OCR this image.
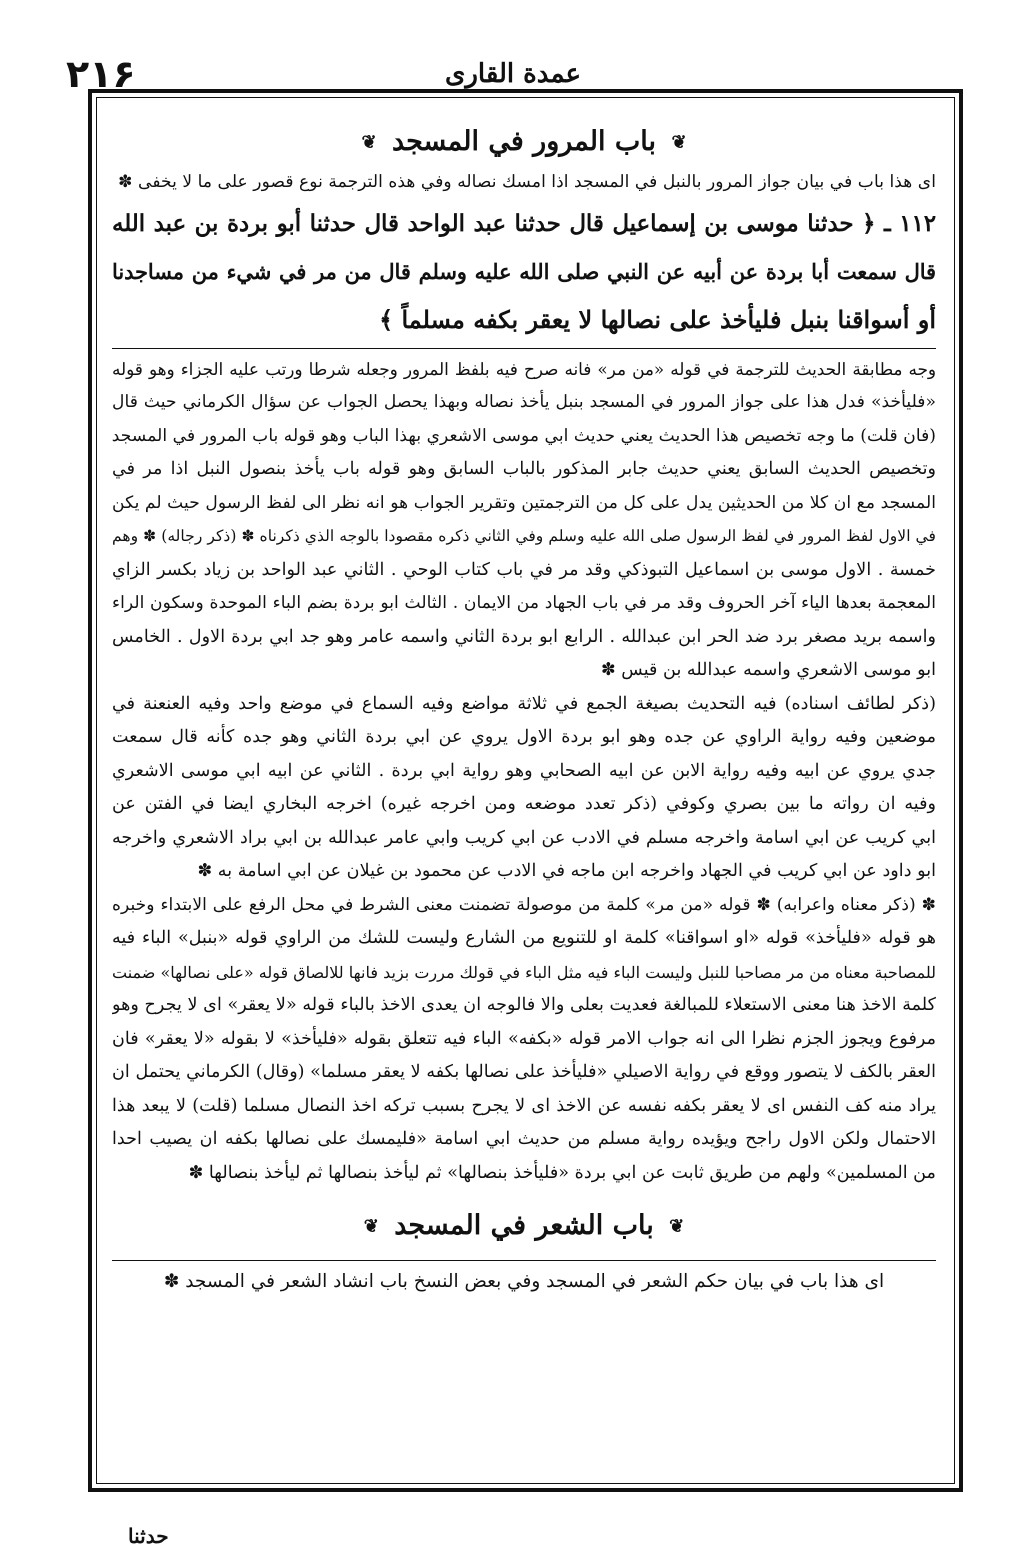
۲۱۶	عمدة القارى
❦ باب المرور في المسجد ❦
اى هذا باب في بيان جواز المرور بالنبل في المسجد اذا امسك نصاله وفي هذه الترجمة نوع قصور على ما لا يخفى ✽
١١٢ ـ ﴿ حدثنا موسى بن إسماعيل قال حدثنا عبد الواحد قال حدثنا أبو بردة بن عبد الله
قال سمعت أبا بردة عن أبيه عن النبي صلى الله عليه وسلم قال من مر في شيء من مساجدنا
أو أسواقنا بنبل فليأخذ على نصالها لا يعقر بكفه مسلماً ﴾
وجه مطابقة الحديث للترجمة في قوله «من مر» فانه صرح فيه بلفظ المرور وجعله شرطا ورتب عليه الجزاء وهو قوله
«فليأخذ» فدل هذا على جواز المرور في المسجد بنبل يأخذ نصاله وبهذا يحصل الجواب عن سؤال الكرماني حيث قال
(فان قلت) ما وجه تخصيص هذا الحديث يعني حديث ابي موسى الاشعري بهذا الباب وهو قوله باب المرور في المسجد
وتخصيص الحديث السابق يعني حديث جابر المذكور بالباب السابق وهو قوله باب يأخذ بنصول النبل اذا مر في
المسجد مع ان كلا من الحديثين يدل على كل من الترجمتين وتقرير الجواب هو انه نظر الى لفظ الرسول حيث لم يكن
في الاول لفظ المرور في لفظ الرسول صلى الله عليه وسلم وفي الثاني ذكره مقصودا بالوجه الذي ذكرناه ✽ (ذكر رجاله) ✽ وهم
خمسة . الاول موسى بن اسماعيل التبوذكي وقد مر في باب كتاب الوحي . الثاني عبد الواحد بن زياد بكسر الزاي
المعجمة بعدها الياء آخر الحروف وقد مر في باب الجهاد من الايمان . الثالث ابو بردة بضم الباء الموحدة وسكون الراء
واسمه بريد مصغر برد ضد الحر ابن عبدالله . الرابع ابو بردة الثاني واسمه عامر وهو جد ابي بردة الاول . الخامس
ابو موسى الاشعري واسمه عبدالله بن قيس ✽
(ذكر لطائف اسناده) فيه التحديث بصيغة الجمع في ثلاثة مواضع وفيه السماع في موضع واحد وفيه العنعنة في
موضعين وفيه رواية الراوي عن جده وهو ابو بردة الاول يروي عن ابي بردة الثاني وهو جده كأنه قال سمعت
جدي يروي عن ابيه وفيه رواية الابن عن ابيه الصحابي وهو رواية ابي بردة . الثاني عن ابيه ابي موسى الاشعري
وفيه ان رواته ما بين بصري وكوفي (ذكر تعدد موضعه ومن اخرجه غيره) اخرجه البخاري ايضا في الفتن عن
ابي كريب عن ابي اسامة واخرجه مسلم في الادب عن ابي كريب وابي عامر عبدالله بن ابي براد الاشعري واخرجه
ابو داود عن ابي كريب في الجهاد واخرجه ابن ماجه في الادب عن محمود بن غيلان عن ابي اسامة به ✽
✽ (ذكر معناه واعرابه) ✽ قوله «من مر» كلمة من موصولة تضمنت معنى الشرط في محل الرفع على الابتداء وخبره
هو قوله «فليأخذ» قوله «او اسواقنا» كلمة او للتنويع من الشارع وليست للشك من الراوي قوله «بنبل» الباء فيه
للمصاحبة معناه من مر مصاحبا للنبل وليست الباء فيه مثل الباء في قولك مررت بزيد فانها للالصاق قوله «على نصالها» ضمنت
كلمة الاخذ هنا معنى الاستعلاء للمبالغة فعديت بعلى والا فالوجه ان يعدى الاخذ بالباء قوله «لا يعقر» اى لا يجرح وهو
مرفوع ويجوز الجزم نظرا الى انه جواب الامر قوله «بكفه» الباء فيه تتعلق بقوله «فليأخذ» لا بقوله «لا يعقر» فان
العقر بالكف لا يتصور ووقع في رواية الاصيلي «فليأخذ على نصالها بكفه لا يعقر مسلما» (وقال) الكرماني يحتمل ان
يراد منه كف النفس اى لا يعقر بكفه نفسه عن الاخذ اى لا يجرح بسبب تركه اخذ النصال مسلما (قلت) لا يبعد هذا
الاحتمال ولكن الاول راجح ويؤيده رواية مسلم من حديث ابي اسامة «فليمسك على نصالها بكفه ان يصيب احدا
من المسلمين» ولهم من طريق ثابت عن ابي بردة «فليأخذ بنصالها» ثم ليأخذ بنصالها ثم ليأخذ بنصالها ✽
❦ باب الشعر في المسجد ❦
اى هذا باب في بيان حكم الشعر في المسجد وفي بعض النسخ باب انشاد الشعر في المسجد ✽
حدثنا
